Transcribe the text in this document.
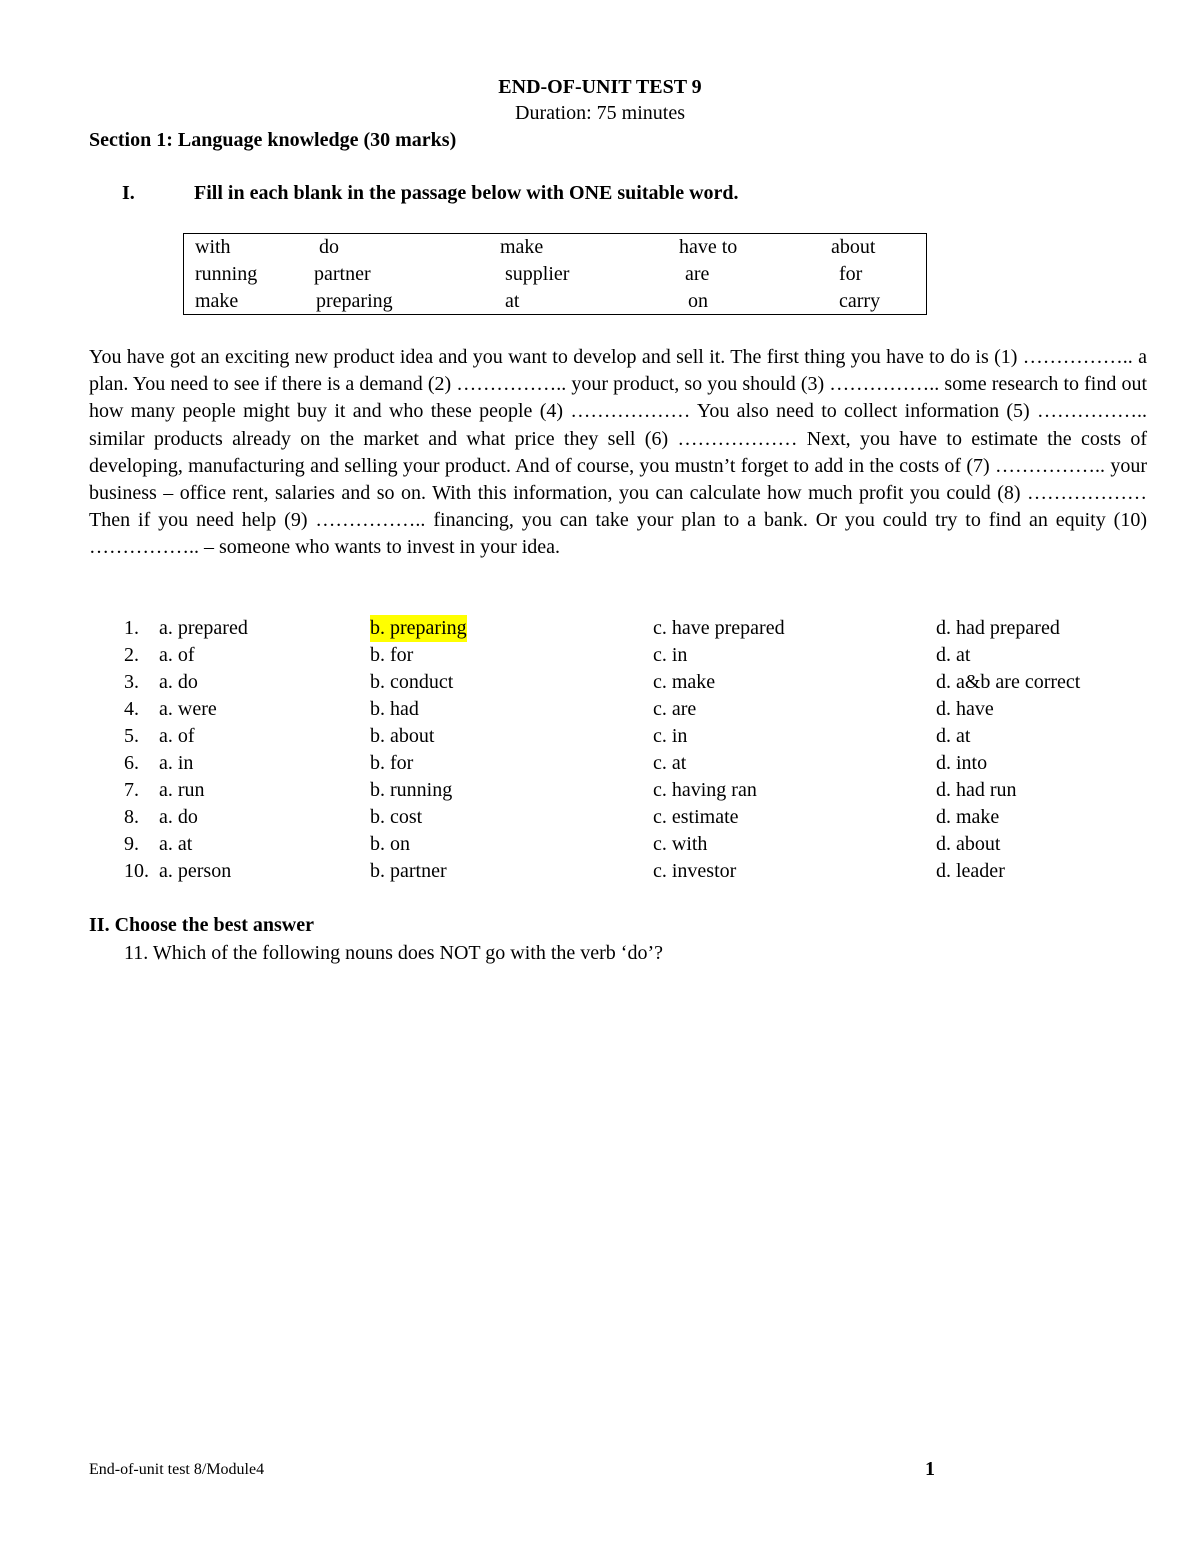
END-OF-UNIT TEST 9
Duration: 75 minutes
Section 1: Language knowledge (30 marks)
I.	Fill in each blank in the passage below with ONE suitable word.
with	do	make	have to	about
running	partner	supplier	are	for
make	preparing	at	on	carry
You have got an exciting new product idea and you want to develop and sell it. The first thing you have to do is (1) …………….. a plan. You need to see if there is a demand (2) …………….. your product, so you should (3) …………….. some research to find out how many people might buy it and who these people (4) ……………… You also need to collect information (5) …………….. similar products already on the market and what price they sell (6) ……………… Next, you have to estimate the costs of developing, manufacturing and selling your product. And of course, you mustn’t forget to add in the costs of (7) …………….. your business – office rent, salaries and so on. With this information, you can calculate how much profit you could (8) ……………… Then if you need help (9) …………….. financing, you can take your plan to a bank. Or you could try to find an equity (10) …………….. – someone who wants to invest in your idea.
1. a. prepared	b. preparing	c. have prepared	d. had prepared
2. a. of	b. for	c. in	d. at
3. a. do	b. conduct	c. make	d. a&b are correct
4. a. were	b. had	c. are	d. have
5. a. of	b. about	c. in	d. at
6. a. in	b. for	c. at	d. into
7. a. run	b. running	c. having ran	d. had run
8. a. do	b. cost	c. estimate	d. make
9. a. at	b. on	c. with	d. about
10. a. person	b. partner	c. investor	d. leader
II. Choose the best answer
11. Which of the following nouns does NOT go with the verb ‘do’?
End-of-unit test 8/Module4	1
